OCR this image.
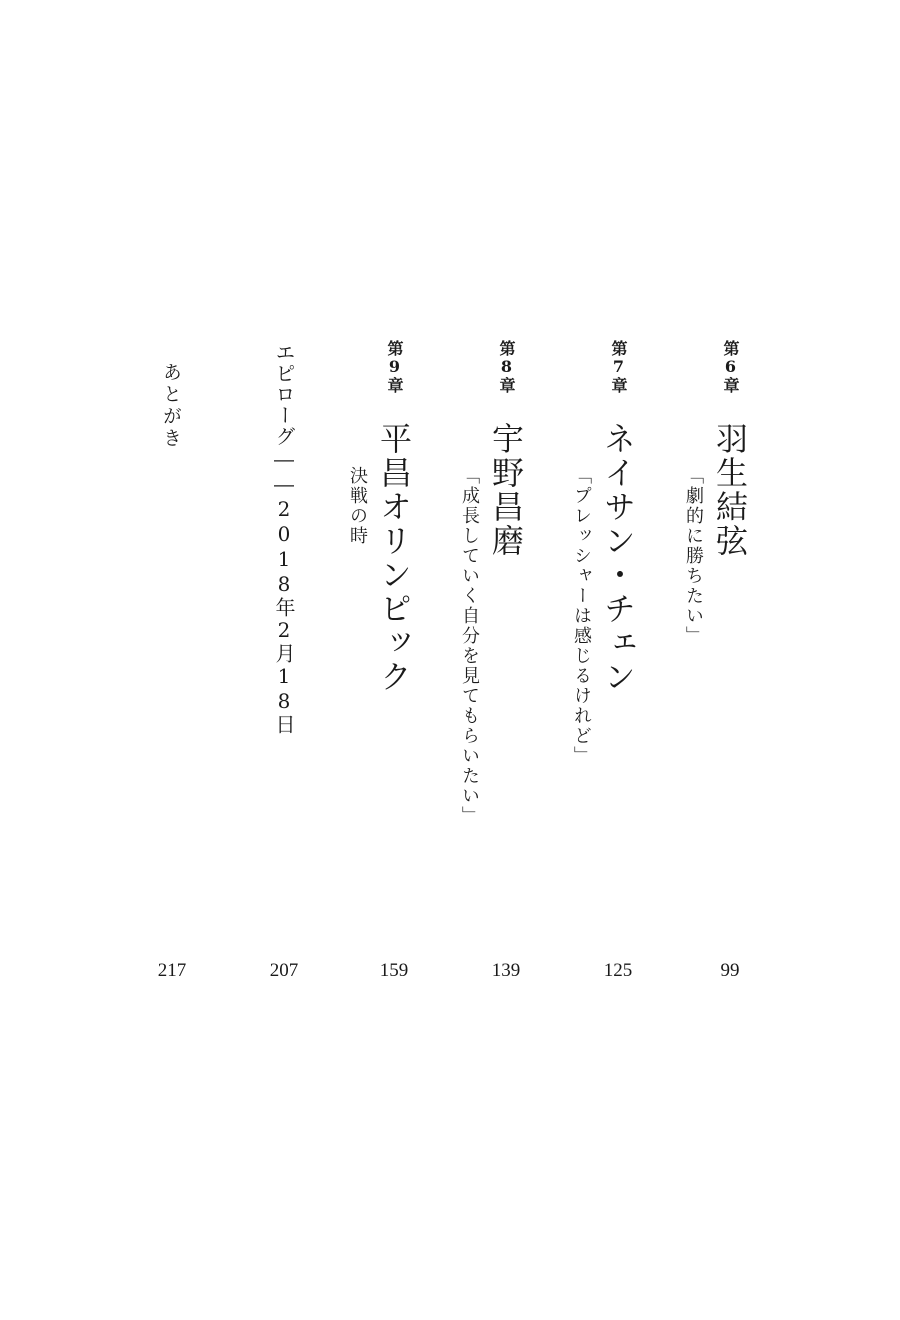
第6章
羽生結弦
「劇的に勝ちたい」
99
第7章
ネイサン・チェン
「プレッシャーは感じるけれど」
125
第8章
宇野昌磨
「成長していく自分を見てもらいたい」
139
第9章
平昌オリンピック
決戦の時
159
エピローグ――2018年2月18日
207
あとがき
217
